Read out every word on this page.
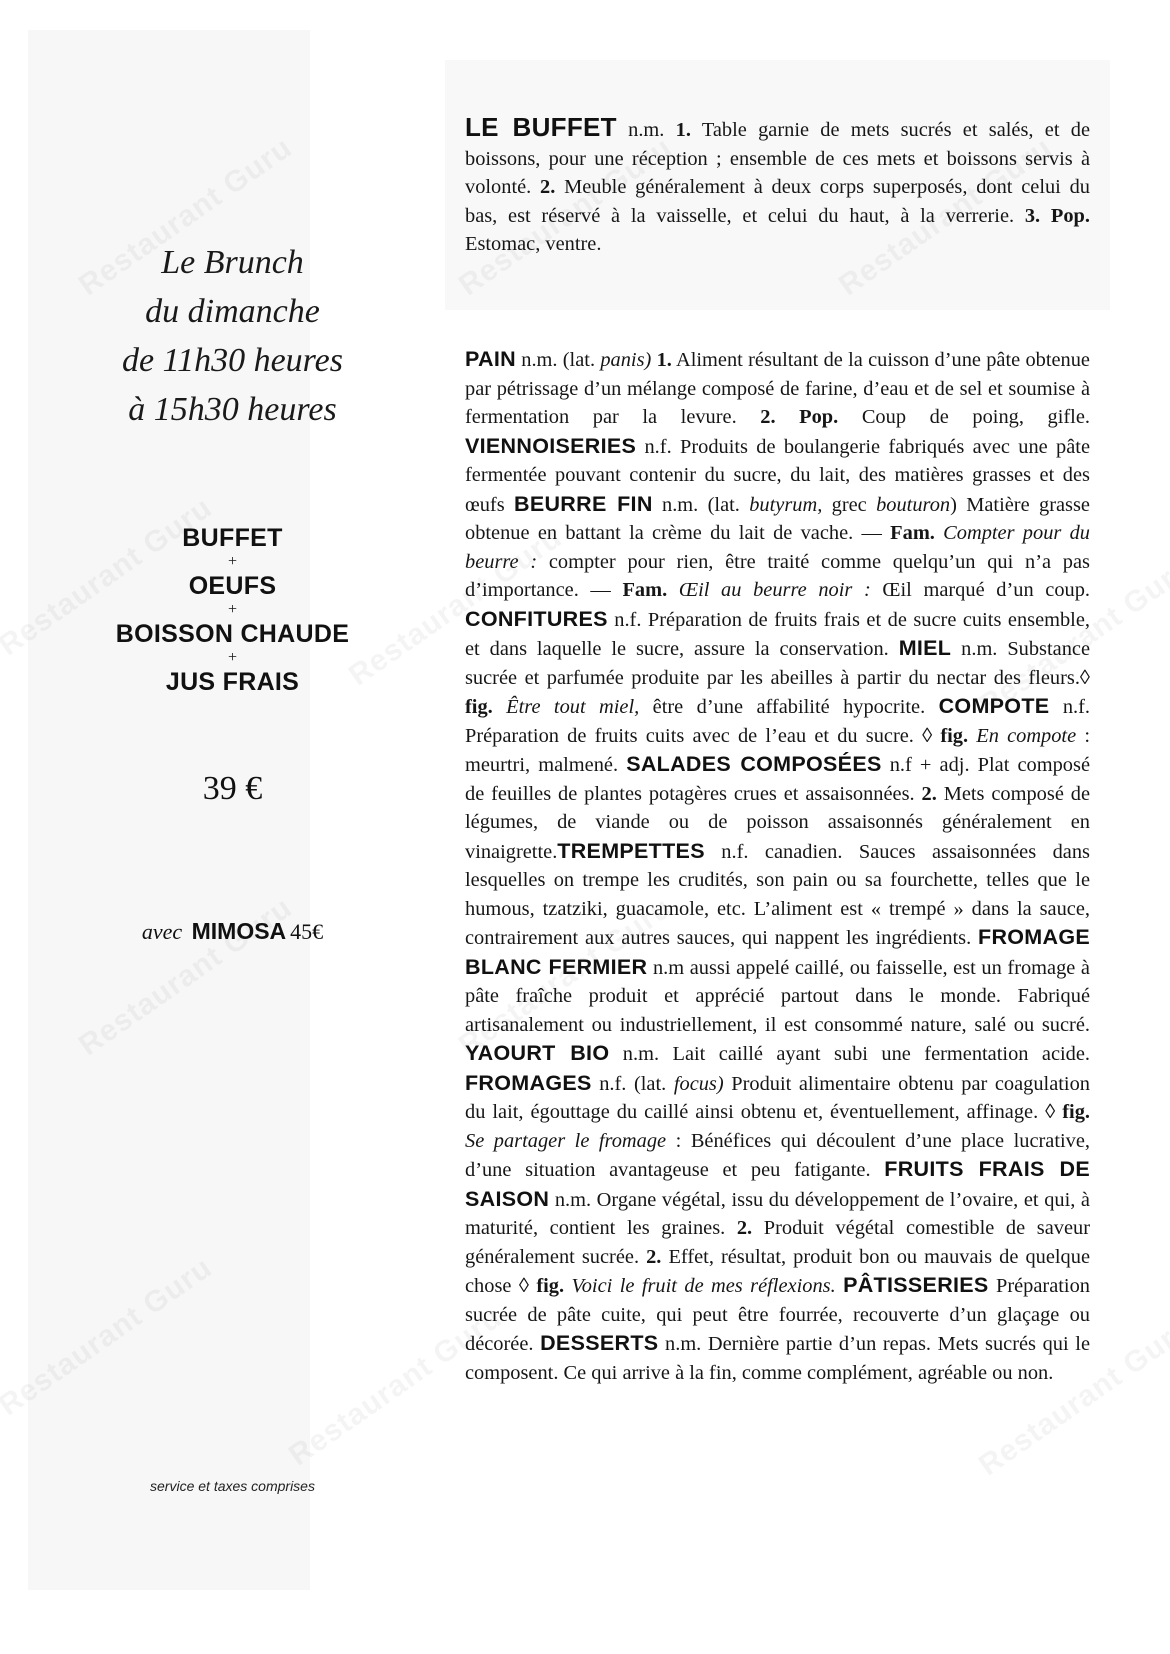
Le Brunch
du dimanche
de 11h30 heures
à 15h30 heures
BUFFET
+
OEUFS
+
BOISSON CHAUDE
+
JUS FRAIS
39 €
avec MIMOSA 45€
service et taxes comprises
LE BUFFET n.m. 1. Table garnie de mets sucrés et salés, et de boissons, pour une réception ; ensemble de ces mets et boissons servis à volonté. 2. Meuble généralement à deux corps superposés, dont celui du bas, est réservé à la vaisselle, et celui du haut, à la verrerie. 3. Pop. Estomac, ventre.
PAIN n.m. (lat. panis) 1. Aliment résultant de la cuisson d’une pâte obtenue par pétrissage d’un mélange composé de farine, d’eau et de sel et soumise à fermentation par la levure. 2. Pop. Coup de poing, gifle. VIENNOISERIES n.f. Produits de boulangerie fabriqués avec une pâte fermentée pouvant contenir du sucre, du lait, des matières grasses et des œufs BEURRE FIN n.m. (lat. butyrum, grec bouturon) Matière grasse obtenue en battant la crème du lait de vache. — Fam. Compter pour du beurre : compter pour rien, être traité comme quelqu’un qui n’a pas d’importance. — Fam. Œil au beurre noir : Œil marqué d’un coup. CONFITURES n.f. Préparation de fruits frais et de sucre cuits ensemble, et dans laquelle le sucre, assure la conservation. MIEL n.m. Substance sucrée et parfumée produite par les abeilles à partir du nectar des fleurs.◊ fig. Être tout miel, être d’une affabilité hypocrite. COMPOTE n.f. Préparation de fruits cuits avec de l’eau et du sucre. ◊ fig. En compote : meurtri, malmené. SALADES COMPOSÉES n.f + adj. Plat composé de feuilles de plantes potagères crues et assaisonnées. 2. Mets composé de légumes, de viande ou de poisson assaisonnés généralement en vinaigrette.TREMPETTES n.f. canadien. Sauces assaisonnées dans lesquelles on trempe les crudités, son pain ou sa fourchette, telles que le humous, tzatziki, guacamole, etc. L’aliment est « trempé » dans la sauce, contrairement aux autres sauces, qui nappent les ingrédients. FROMAGE BLANC FERMIER n.m aussi appelé caillé, ou faisselle, est un fromage à pâte fraîche produit et apprécié partout dans le monde. Fabriqué artisanalement ou industriellement, il est consommé nature, salé ou sucré. YAOURT BIO n.m. Lait caillé ayant subi une fermentation acide. FROMAGES n.f. (lat. focus) Produit alimentaire obtenu par coagulation du lait, égouttage du caillé ainsi obtenu et, éventuellement, affinage. ◊ fig. Se partager le fromage : Bénéfices qui découlent d’une place lucrative, d’une situation avantageuse et peu fatigante. FRUITS FRAIS DE SAISON n.m. Organe végétal, issu du développement de l’ovaire, et qui, à maturité, contient les graines. 2. Produit végétal comestible de saveur généralement sucrée. 2. Effet, résultat, produit bon ou mauvais de quelque chose ◊ fig. Voici le fruit de mes réflexions. PÂTISSERIES Préparation sucrée de pâte cuite, qui peut être fourrée, recouverte d’un glaçage ou décorée. DESSERTS n.m. Dernière partie d’un repas. Mets sucrés qui le composent. Ce qui arrive à la fin, comme complément, agréable ou non.
